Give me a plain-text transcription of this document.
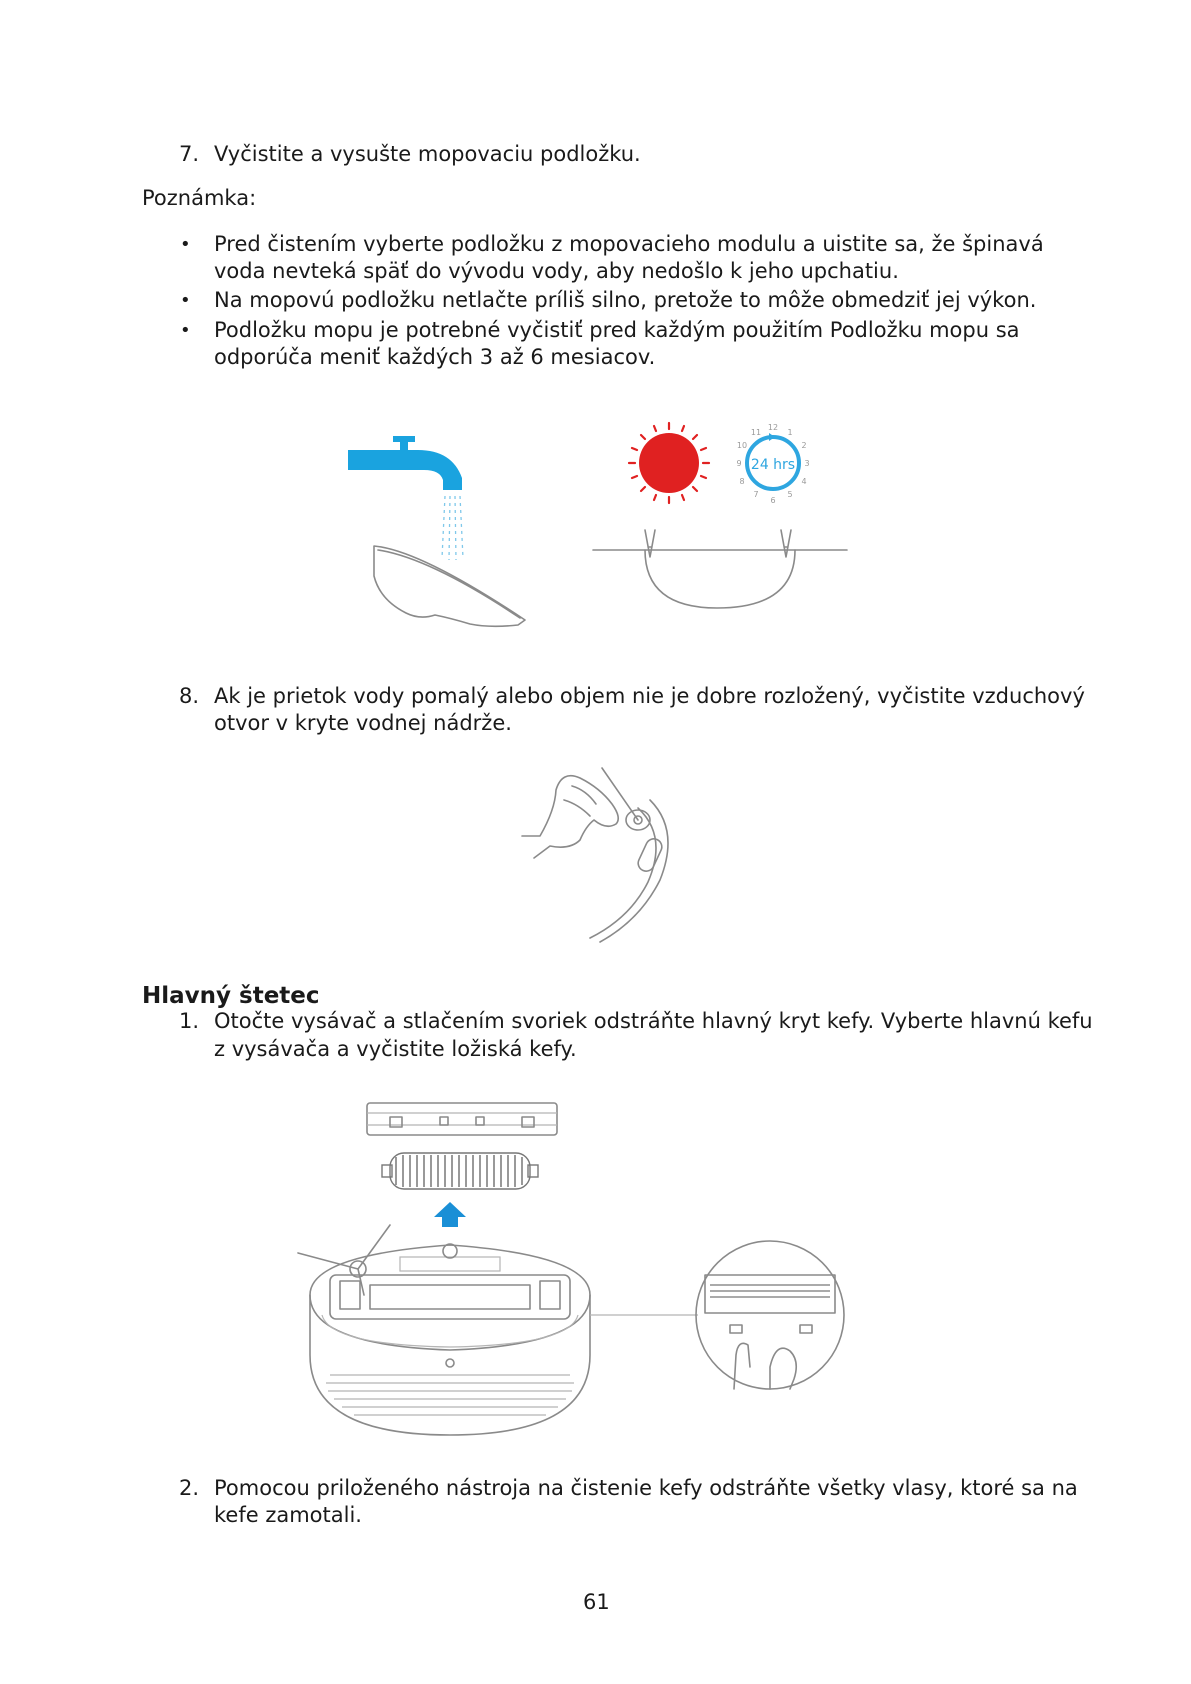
7. Vyčistite a vysušte mopovaciu podložku.
Poznámka:
• Pred čistením vyberte podložku z mopovacieho modulu a uistite sa, že špinavá
voda nevteká späť do vývodu vody, aby nedošlo k jeho upchatiu.
• Na mopovú podložku netlačte príliš silno, pretože to môže obmedziť jej výkon.
• Podložku mopu je potrebné vyčistiť pred každým použitím Podložku mopu sa
odporúča meniť každých 3 až 6 mesiacov.
24 hrs
12
1
2
3
4
5
6
7
8
9
10
11
8. Ak je prietok vody pomalý alebo objem nie je dobre rozložený, vyčistite vzduchový
otvor v kryte vodnej nádrže.
Hlavný štetec
1. Otočte vysávač a stlačením svoriek odstráňte hlavný kryt kefy. Vyberte hlavnú kefu
z vysávača a vyčistite ložiská kefy.
2. Pomocou priloženého nástroja na čistenie kefy odstráňte všetky vlasy, ktoré sa na
kefe zamotali.
61
